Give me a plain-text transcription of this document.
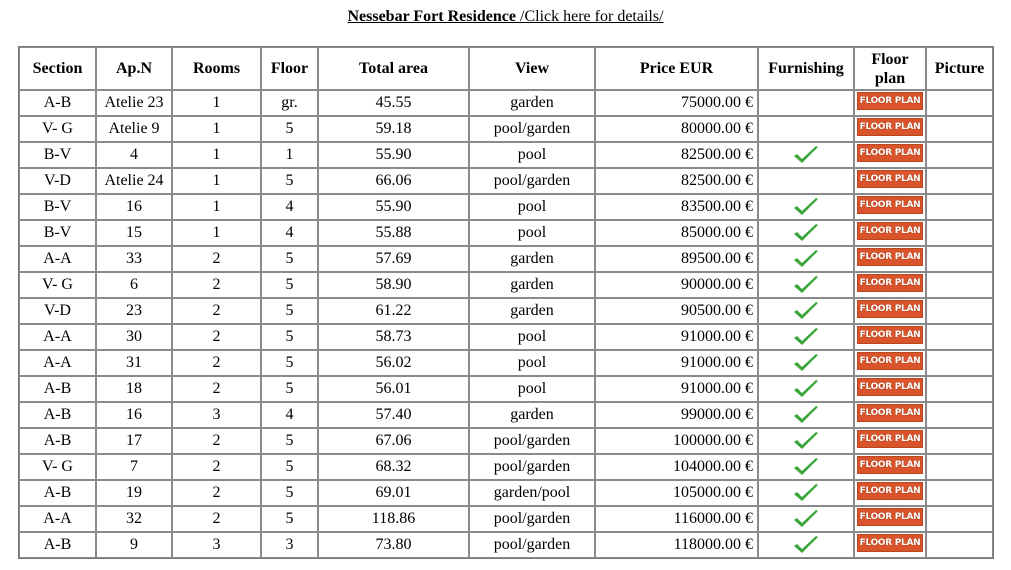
Nessebar Fort Residence /Click here for details/
Section	Ap.N	Rooms	Floor	Total area	View	Price EUR	Furnishing	Floor plan	Picture
A-B	Atelie 23	1	gr.	45.55	garden	75000.00 €		FLOOR PLAN	

V- G	Atelie 9	1	5	59.18	pool/garden	80000.00 €		FLOOR PLAN	

B-V	4	1	1	55.90	pool	82500.00 €		FLOOR PLAN	

V-D	Atelie 24	1	5	66.06	pool/garden	82500.00 €		FLOOR PLAN	

B-V	16	1	4	55.90	pool	83500.00 €		FLOOR PLAN	

B-V	15	1	4	55.88	pool	85000.00 €		FLOOR PLAN	

A-A	33	2	5	57.69	garden	89500.00 €		FLOOR PLAN	

V- G	6	2	5	58.90	garden	90000.00 €		FLOOR PLAN	

V-D	23	2	5	61.22	garden	90500.00 €		FLOOR PLAN	

A-A	30	2	5	58.73	pool	91000.00 €		FLOOR PLAN	

A-A	31	2	5	56.02	pool	91000.00 €		FLOOR PLAN	

A-B	18	2	5	56.01	pool	91000.00 €		FLOOR PLAN	

A-B	16	3	4	57.40	garden	99000.00 €		FLOOR PLAN	

A-B	17	2	5	67.06	pool/garden	100000.00 €		FLOOR PLAN	

V- G	7	2	5	68.32	pool/garden	104000.00 €		FLOOR PLAN	

A-B	19	2	5	69.01	garden/pool	105000.00 €		FLOOR PLAN	

A-A	32	2	5	118.86	pool/garden	116000.00 €		FLOOR PLAN	

A-B	9	3	3	73.80	pool/garden	118000.00 €		FLOOR PLAN	
